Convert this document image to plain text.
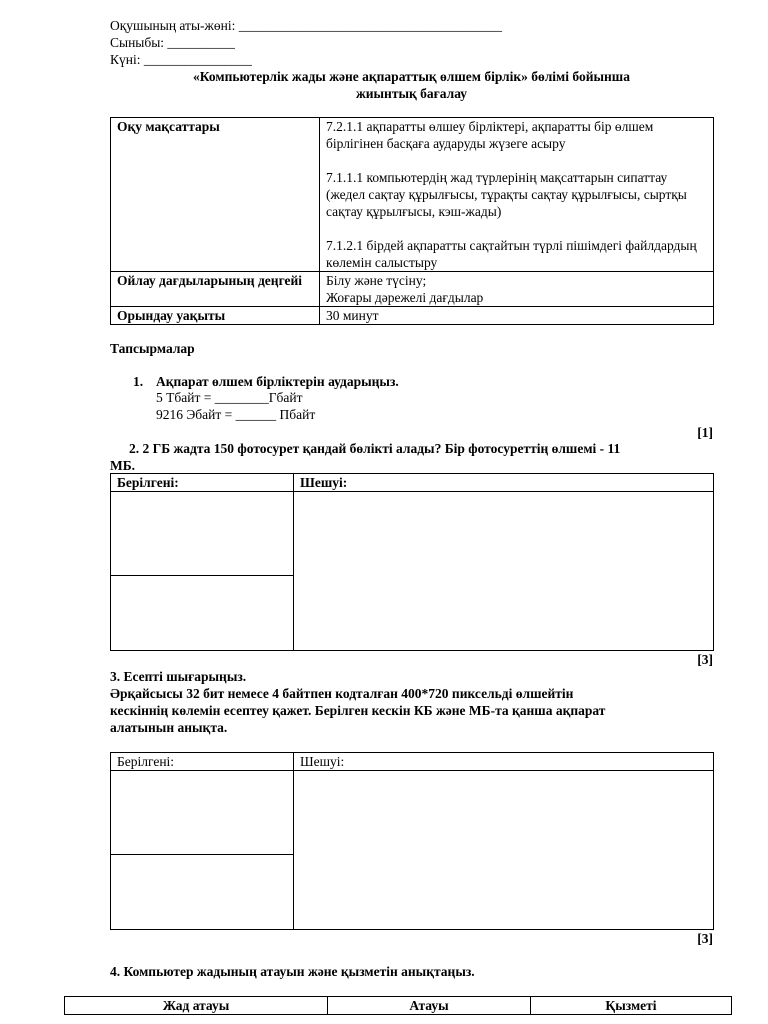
Оқушының аты-жөні: _______________________________________
Сыныбы: __________
Күні: ________________
«Компьютерлік жады және ақпараттық өлшем бірлік» бөлімі бойынша
жиынтық бағалау
Оқу мақсаттары	7.2.1.1 ақпаратты өлшеу бірліктері, ақпаратты бір өлшем бірлігінен басқаға аударуды жүзеге асыру
7.1.1.1 компьютердің жад түрлерінің мақсаттарын сипаттау (жедел сақтау құрылғысы, тұрақты сақтау құрылғысы, сыртқы сақтау құрылғысы, кэш-жады)
7.1.2.1 бірдей ақпаратты сақтайтын түрлі пішімдегі файлдардың көлемін салыстыру

Ойлау дағдыларының деңгейі	Білу және түсіну;
Жоғары дәрежелі дағдылар

Орындау уақыты	30 минут
Тапсырмалар
1. Ақпарат өлшем бірліктерін аударыңыз.
5 Тбайт = ________Гбайт
9216 Эбайт = ______ Пбайт
[1]
2. 2 ГБ жадта 150 фотосурет қандай бөлікті алады? Бір фотосуреттің өлшемі - 11
МБ.
Берілгені:	Шешуі:

[3]
3. Есепті шығарыңыз.
Әрқайсысы 32 бит немесе 4 байтпен кодталған 400*720 пиксельді өлшейтін
кескіннің көлемін есептеу қажет. Берілген кескін КБ және МБ-та қанша ақпарат
алатынын анықта.
Берілгені:	Шешуі:

[3]
4. Компьютер жадының атауын және қызметін анықтаңыз.
Жад атауы	Атауы	Қызметі
